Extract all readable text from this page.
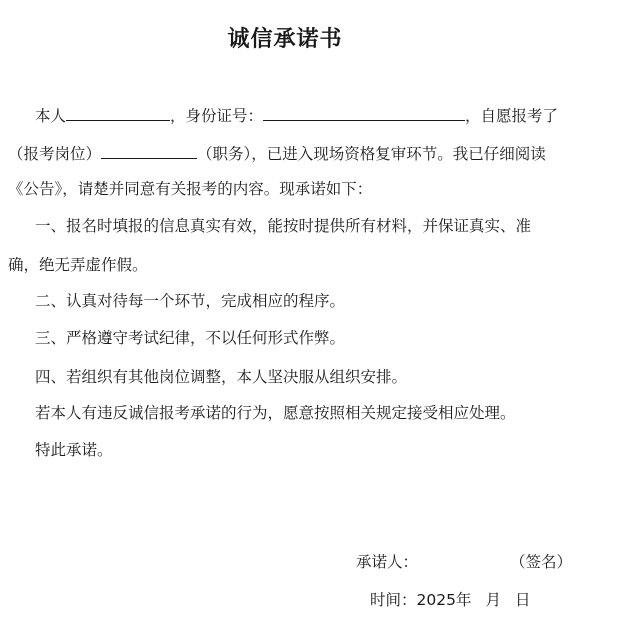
诚信承诺书

本人	，身份证号：	，自愿报考了

（报考岗位）	（职务），已进入现场资格复审环节。我已仔细阅读

《公告》，请楚并同意有关报考的内容。现承诺如下：

一、报名时填报的信息真实有效，能按时提供所有材料，并保证真实、准

确，绝无弄虚作假。

二、认真对待每一个环节，完成相应的程序。

三、严格遵守考试纪律，不以任何形式作弊。

四、若组织有其他岗位调整，本人坚决服从组织安排。

若本人有违反诚信报考承诺的行为，愿意按照相关规定接受相应处理。

特此承诺。

承诺人：	（签名）
时间：2025年 月 日
